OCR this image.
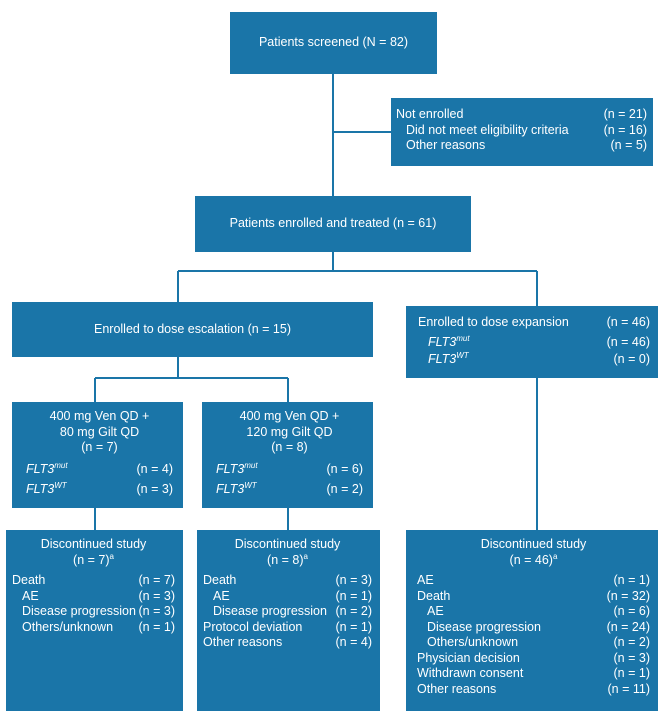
Patients screened (N = 82)
Not enrolled	(n = 21)
Did not meet eligibility criteria	(n = 16)
Other reasons	(n = 5)
Patients enrolled and treated (n = 61)
Enrolled to dose escalation (n = 15)	Enrolled to dose expansion	(n = 46)
$FLT3^{mut}$	(n = 46)
$FLT3^{WT}$	(n = 0)
400 mg Ven QD +
80 mg Gilt QD
(n = 7)
$FLT3^{mut}$	(n = 4)
$FLT3^{WT}$	(n = 3)
400 mg Ven QD +
120 mg Gilt QD
(n = 8)
$FLT3^{mut}$	(n = 6)
$FLT3^{WT}$	(n = 2)
Discontinued study
(n = 7)$^a$
Death	(n = 7)
AE	(n = 3)
Disease progression (n = 3)
Others/unknown (n = 1)
Discontinued study
(n = 8)$^a$
Death	(n = 3)
AE	(n = 1)
Disease progression (n = 2)
Protocol deviation	(n = 1)
Other reasons	(n = 4)
Discontinued study
(n = 46)$^a$
AE	(n = 1)
Death	(n = 32)
AE	(n = 6)
Disease progression	(n = 24)
Others/unknown	(n = 2)
Physician decision	(n = 3)
Withdrawn consent	(n = 1)
Other reasons	(n = 11)
